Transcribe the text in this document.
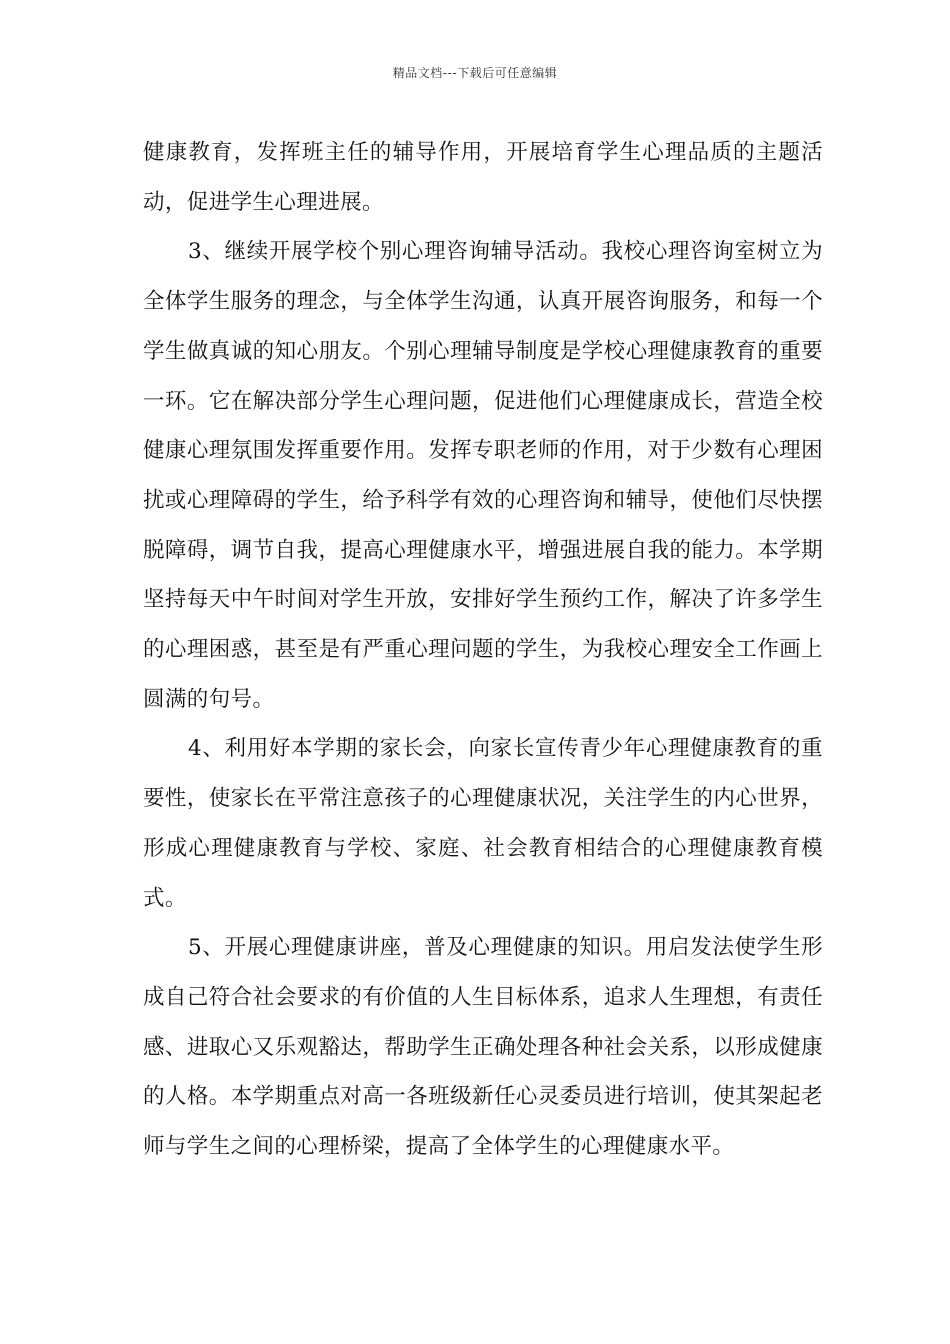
精品文档---下载后可任意编辑

健康教育，发挥班主任的辅导作用，开展培育学生心理品质的主题活动，促进学生心理进展。

3、继续开展学校个别心理咨询辅导活动。我校心理咨询室树立为全体学生服务的理念，与全体学生沟通，认真开展咨询服务，和每一个学生做真诚的知心朋友。个别心理辅导制度是学校心理健康教育的重要一环。它在解决部分学生心理问题，促进他们心理健康成长，营造全校健康心理氛围发挥重要作用。发挥专职老师的作用，对于少数有心理困扰或心理障碍的学生，给予科学有效的心理咨询和辅导，使他们尽快摆脱障碍，调节自我，提高心理健康水平，增强进展自我的能力。本学期坚持每天中午时间对学生开放，安排好学生预约工作，解决了许多学生的心理困惑，甚至是有严重心理问题的学生，为我校心理安全工作画上圆满的句号。

4、利用好本学期的家长会，向家长宣传青少年心理健康教育的重要性，使家长在平常注意孩子的心理健康状况，关注学生的内心世界，形成心理健康教育与学校、家庭、社会教育相结合的心理健康教育模式。

5、开展心理健康讲座，普及心理健康的知识。用启发法使学生形成自己符合社会要求的有价值的人生目标体系，追求人生理想，有责任感、进取心又乐观豁达，帮助学生正确处理各种社会关系，以形成健康的人格。本学期重点对高一各班级新任心灵委员进行培训，使其架起老师与学生之间的心理桥梁，提高了全体学生的心理健康水平。
